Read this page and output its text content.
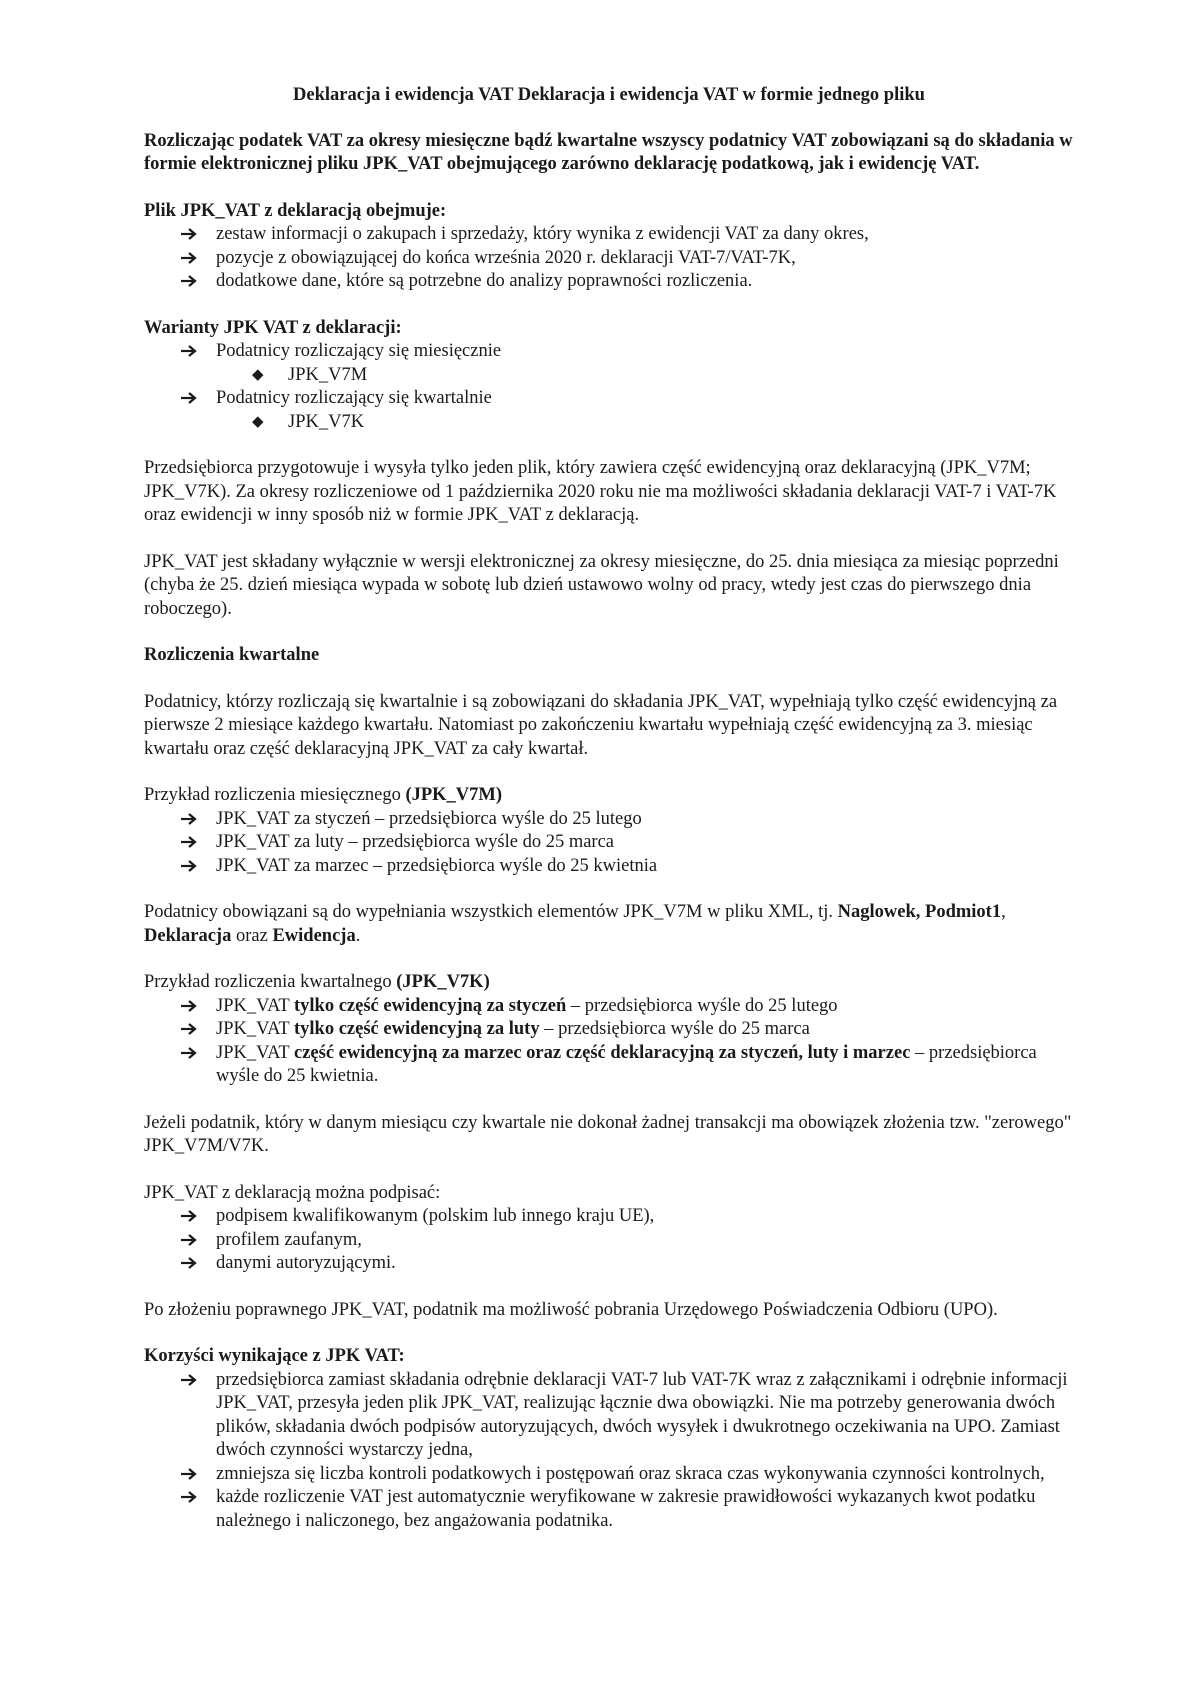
Deklaracja i ewidencja VAT Deklaracja i ewidencja VAT w formie jednego pliku

Rozliczając podatek VAT za okresy miesięczne bądź kwartalne wszyscy podatnicy VAT zobowiązani są do składania w formie elektronicznej pliku JPK_VAT obejmującego zarówno deklarację podatkową, jak i ewidencję VAT.

Plik JPK_VAT z deklaracją obejmuje:
zestaw informacji o zakupach i sprzedaży, który wynika z ewidencji VAT za dany okres,
pozycje z obowiązującej do końca września 2020 r. deklaracji VAT-7/VAT-7K,
dodatkowe dane, które są potrzebne do analizy poprawności rozliczenia.
Warianty JPK VAT z deklaracji:
Podatnicy rozliczający się miesięcznie
◆ JPK_V7M
Podatnicy rozliczający się kwartalnie
◆ JPK_V7K

Przedsiębiorca przygotowuje i wysyła tylko jeden plik, który zawiera część ewidencyjną oraz deklaracyjną (JPK_V7M; JPK_V7K). Za okresy rozliczeniowe od 1 października 2020 roku nie ma możliwości składania deklaracji VAT-7 i VAT-7K oraz ewidencji w inny sposób niż w formie JPK_VAT z deklaracją.

JPK_VAT jest składany wyłącznie w wersji elektronicznej za okresy miesięczne, do 25. dnia miesiąca za miesiąc poprzedni (chyba że 25. dzień miesiąca wypada w sobotę lub dzień ustawowo wolny od pracy, wtedy jest czas do pierwszego dnia roboczego).

Rozliczenia kwartalne

Podatnicy, którzy rozliczają się kwartalnie i są zobowiązani do składania JPK_VAT, wypełniają tylko część ewidencyjną za pierwsze 2 miesiące każdego kwartału. Natomiast po zakończeniu kwartału wypełniają część ewidencyjną za 3. miesiąc kwartału oraz część deklaracyjną JPK_VAT za cały kwartał.

Przykład rozliczenia miesięcznego (JPK_V7M)
JPK_VAT za styczeń – przedsiębiorca wyśle do 25 lutego
JPK_VAT za luty – przedsiębiorca wyśle do 25 marca
JPK_VAT za marzec – przedsiębiorca wyśle do 25 kwietnia

Podatnicy obowiązani są do wypełniania wszystkich elementów JPK_V7M w pliku XML, tj. Naglowek, Podmiot1, Deklaracja oraz Ewidencja.

Przykład rozliczenia kwartalnego (JPK_V7K)
JPK_VAT tylko część ewidencyjną za styczeń – przedsiębiorca wyśle do 25 lutego
JPK_VAT tylko część ewidencyjną za luty – przedsiębiorca wyśle do 25 marca
JPK_VAT część ewidencyjną za marzec oraz część deklaracyjną za styczeń, luty i marzec – przedsiębiorca wyśle do 25 kwietnia.

Jeżeli podatnik, który w danym miesiącu czy kwartale nie dokonał żadnej transakcji ma obowiązek złożenia tzw. "zerowego" JPK_V7M/V7K.

JPK_VAT z deklaracją można podpisać:
podpisem kwalifikowanym (polskim lub innego kraju UE),
profilem zaufanym,
danymi autoryzującymi.

Po złożeniu poprawnego JPK_VAT, podatnik ma możliwość pobrania Urzędowego Poświadczenia Odbioru (UPO).

Korzyści wynikające z JPK VAT:
przedsiębiorca zamiast składania odrębnie deklaracji VAT-7 lub VAT-7K wraz z załącznikami i odrębnie informacji JPK_VAT, przesyła jeden plik JPK_VAT, realizując łącznie dwa obowiązki. Nie ma potrzeby generowania dwóch plików, składania dwóch podpisów autoryzujących, dwóch wysyłek i dwukrotnego oczekiwania na UPO. Zamiast dwóch czynności wystarczy jedna,
zmniejsza się liczba kontroli podatkowych i postępowań oraz skraca czas wykonywania czynności kontrolnych,
każde rozliczenie VAT jest automatycznie weryfikowane w zakresie prawidłowości wykazanych kwot podatku należnego i naliczonego, bez angażowania podatnika.
